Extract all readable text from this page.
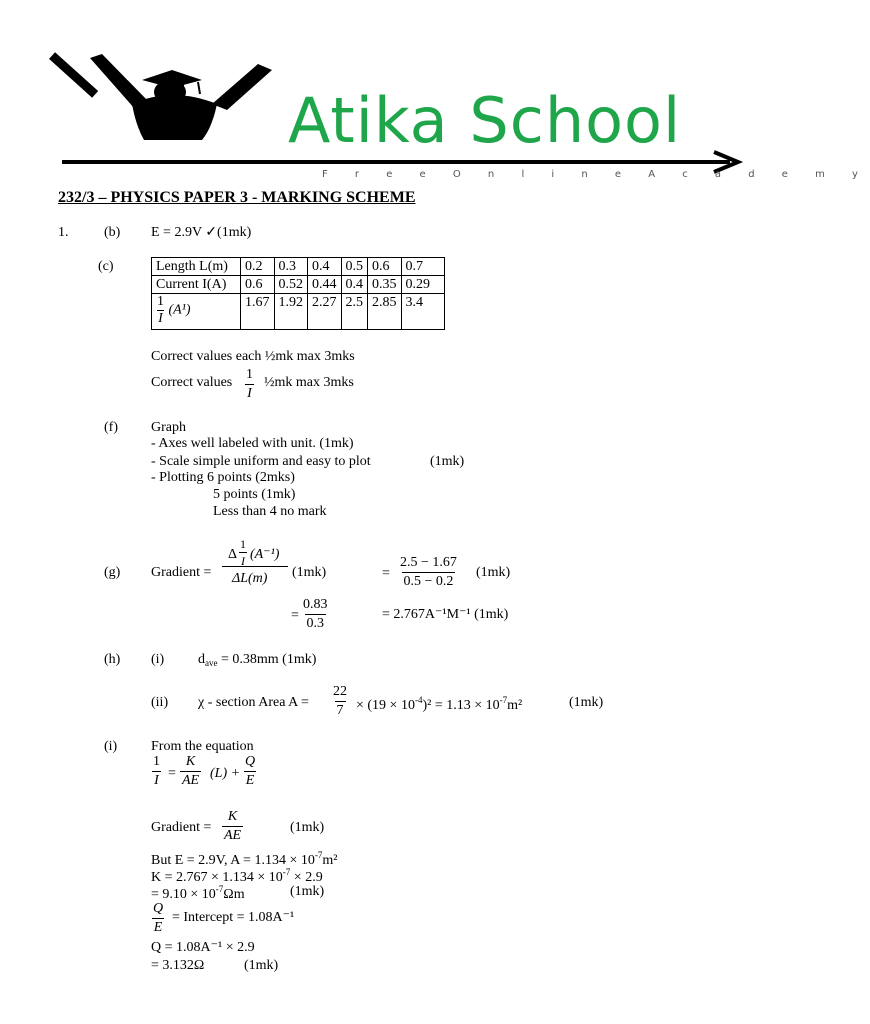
Atika School
F r e e O n l i n e A c a d e m y
232/3 – PHYSICS PAPER 3 - MARKING SCHEME
1.	(b) E = 2.9V ✓(1mk)
(c)	Length L(m)	0.2	0.3	0.4	0.5	0.6	0.7
Current I(A)	0.6	0.52	0.44	0.4	0.35	0.29

$\frac{1}{I} (A^1)$	1.67	1.92	2.27	2.5	2.85	3.4
Correct values each ½mk max 3mks
Correct values $\frac{1}{I}$ ½mk max 3mks
(f) Graph
- Axes well labeled with unit. (1mk)
- Scale simple uniform and easy to plot	(1mk)
- Plotting 6 points (2mks)
5 points (1mk)
Less than 4 no mark
(g) Gradient =
Δ $\frac{1}{I} (A^{-1})$
ΔL(m) (1mk)	= $\frac{2.5 - 1.67}{0.5 - 0.2} (1mk)$
= $\frac{0.83}{0.3}$	= 2.767A⁻¹M⁻¹ (1mk)
(h) (i) $d_{ave} = 0.38mm$ (1mk)
(ii) χ - section Area $A = \frac{22}{7} \times (19 \times 10^{-4})^2 = 1.13 \times 10^{-7}m^2$	(1mk)
(i) From the equation
$\frac{1}{I} = \frac{K}{AE} (L) + \frac{Q}{E}$
Gradient = $\frac{K}{AE}$	(1mk)
But E = 2.9V, $A = 1.134 \times 10^{-7}m^2$
$K = 2.767 \times 1.134 \times 10^{-7} \times 2.9$
= $9.10 \times 10^{-7}\Omega m$	(1mk)
$\frac{Q}{E}$ = Intercept = 1.08A⁻¹
Q = 1.08A⁻¹ × 2.9
= 3.132Ω	(1mk)
